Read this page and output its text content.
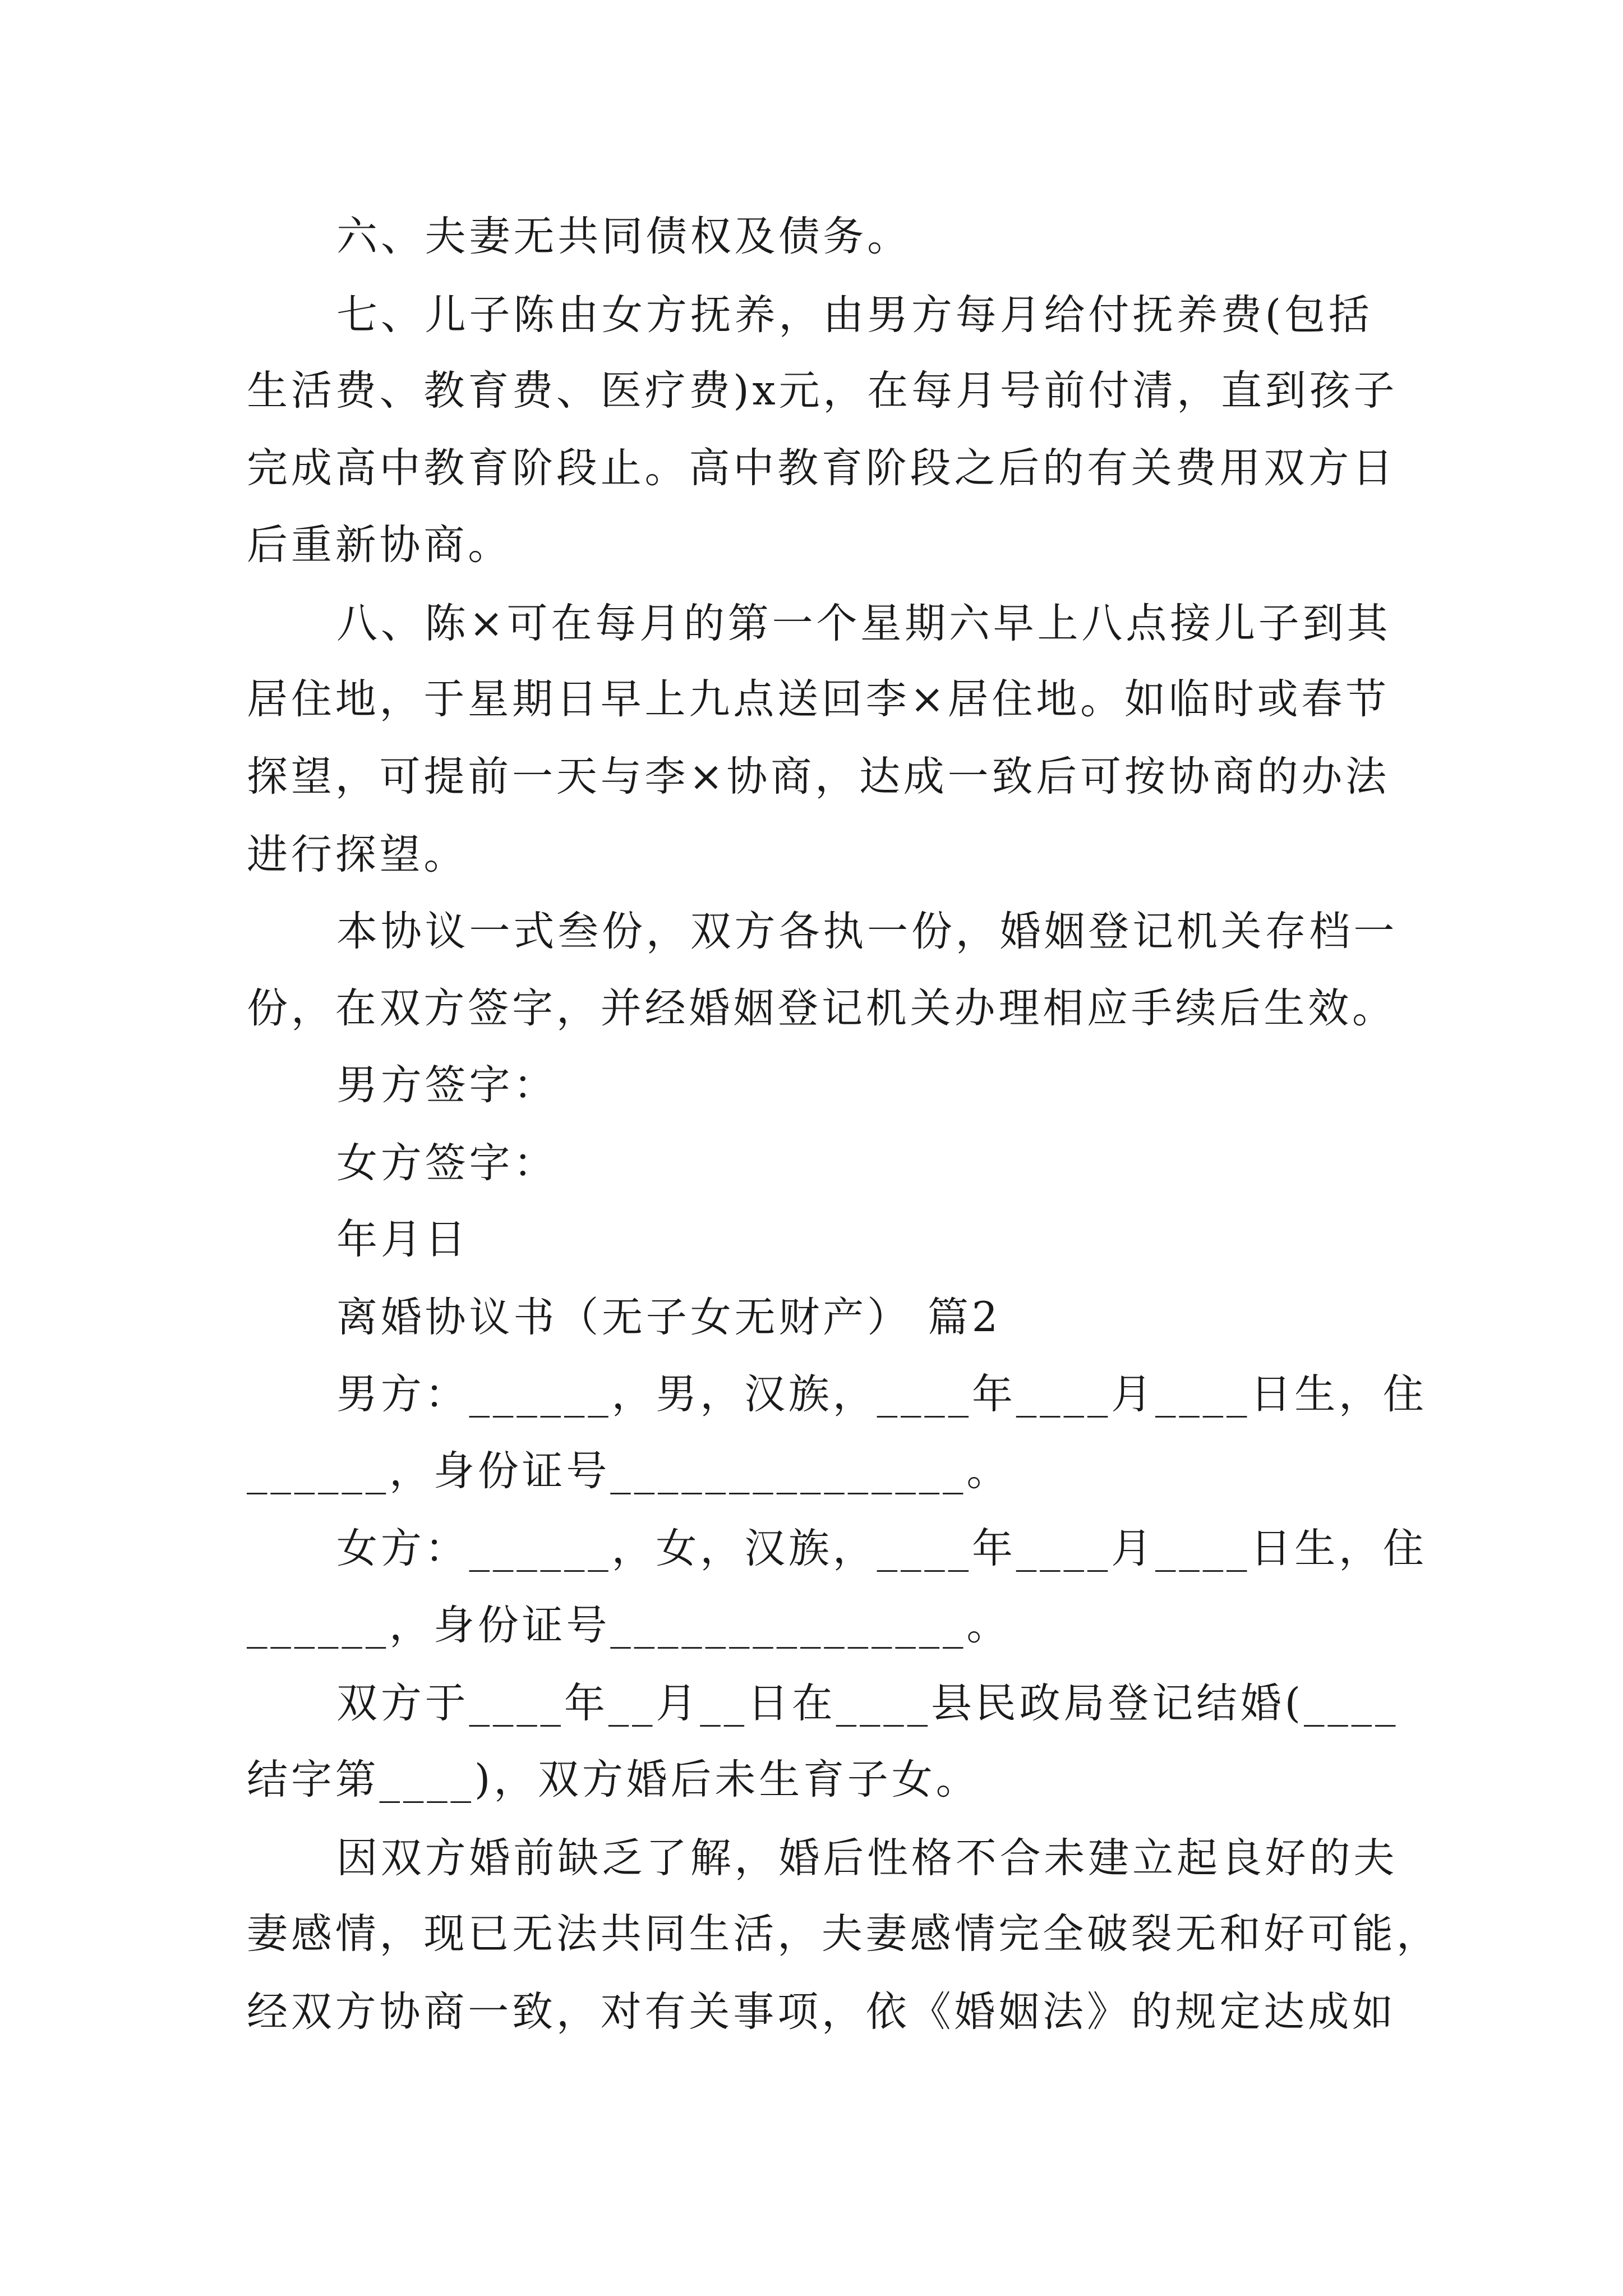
六、夫妻无共同债权及债务。
七、儿子陈由女方抚养，由男方每月给付抚养费(包括
生活费、教育费、医疗费)x元，在每月号前付清，直到孩子
完成高中教育阶段止。高中教育阶段之后的有关费用双方日
后重新协商。
八、陈×可在每月的第一个星期六早上八点接儿子到其
居住地，于星期日早上九点送回李×居住地。如临时或春节
探望，可提前一天与李×协商，达成一致后可按协商的办法
进行探望。
本协议一式叁份，双方各执一份，婚姻登记机关存档一
份，在双方签字，并经婚姻登记机关办理相应手续后生效。
男方签字：
女方签字：
年月日
离婚协议书（无子女无财产） 篇2
男方：______，男，汉族，____年____月____日生，住
______，身份证号_______________。
女方：______，女，汉族，____年____月____日生，住
______，身份证号_______________。
双方于____年__月__日在____县民政局登记结婚(____
结字第____)，双方婚后未生育子女。
因双方婚前缺乏了解，婚后性格不合未建立起良好的夫
妻感情，现已无法共同生活，夫妻感情完全破裂无和好可能，
经双方协商一致，对有关事项，依《婚姻法》的规定达成如
